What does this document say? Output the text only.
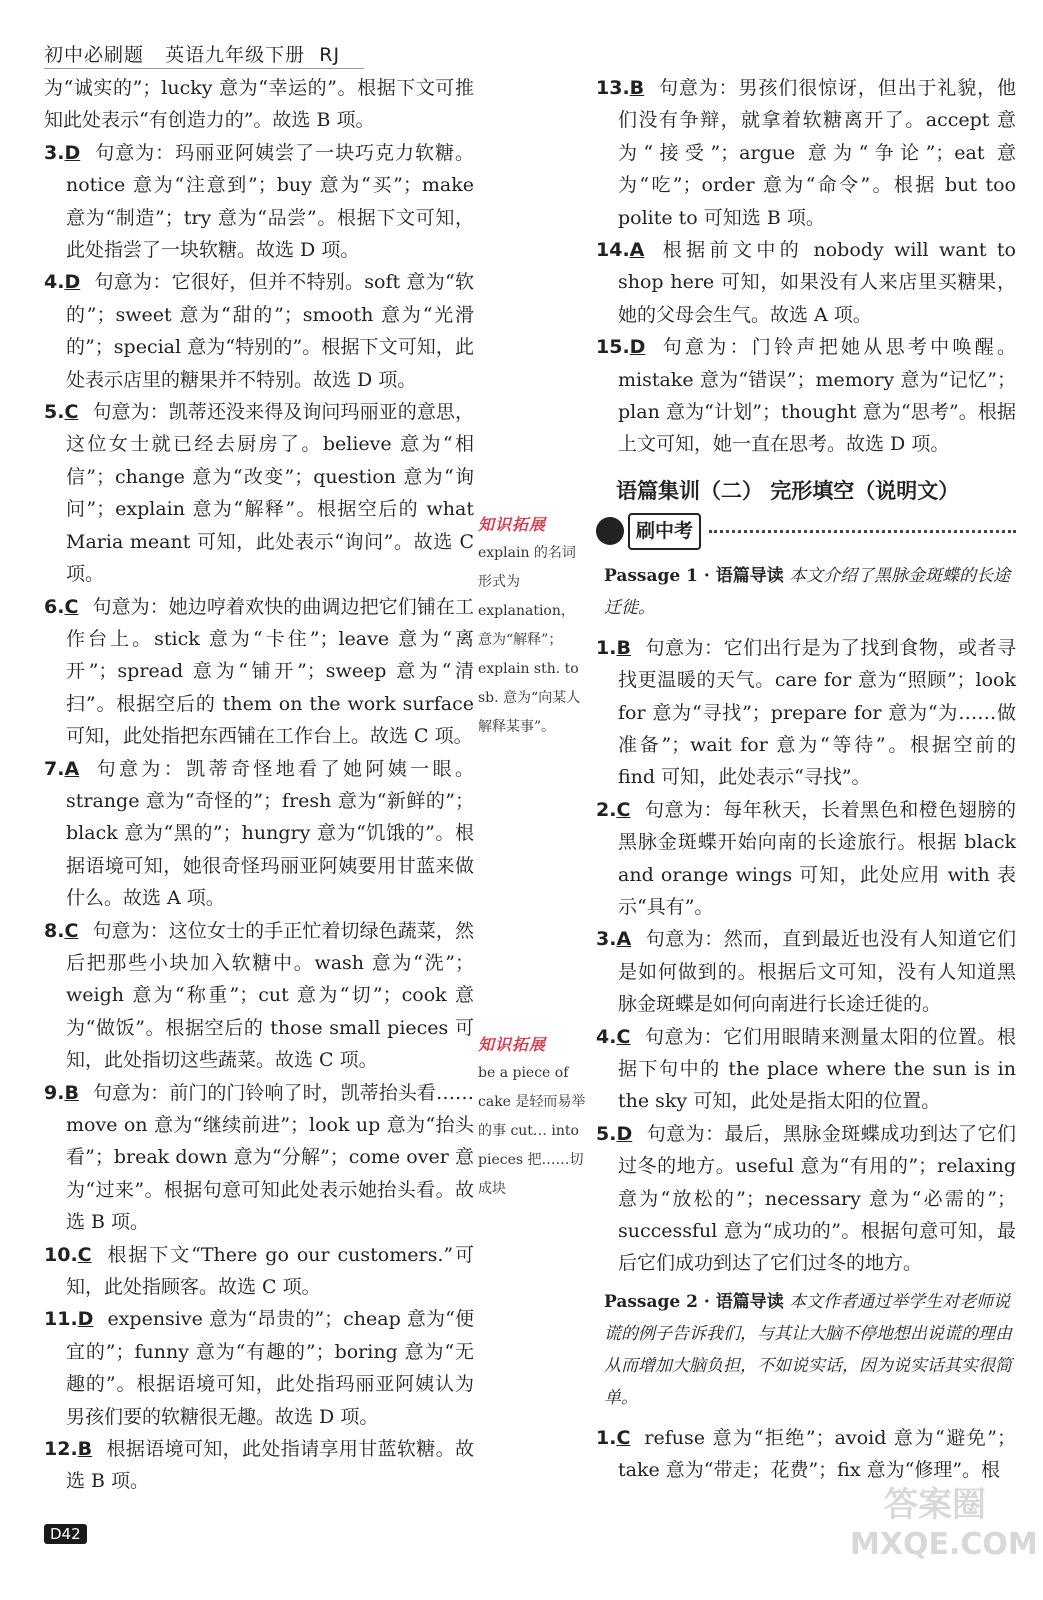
初中必刷题 英语九年级下册 RJ

为“诚实的”；lucky 意为“幸运的”。根据下文可推知此处表示“有创造力的”。故选 B 项。

3.D 句意为：玛丽亚阿姨尝了一块巧克力软糖。notice 意为“注意到”；buy 意为“买”；make 意为“制造”；try 意为“品尝”。根据下文可知，此处指尝了一块软糖。故选 D 项。

4.D 句意为：它很好，但并不特别。soft 意为“软的”；sweet 意为“甜的”；smooth 意为“光滑的”；special 意为“特别的”。根据下文可知，此处表示店里的糖果并不特别。故选 D 项。

5.C 句意为：凯蒂还没来得及询问玛丽亚的意思，这位女士就已经去厨房了。believe 意为“相信”；change 意为“改变”；question 意为“询问”；explain 意为“解释”。根据空后的 what Maria meant 可知，此处表示“询问”。故选 C 项。

6.C 句意为：她边哼着欢快的曲调边把它们铺在工作台上。stick 意为“卡住”；leave 意为“离开”；spread 意为“铺开”；sweep 意为“清扫”。根据空后的 them on the work surface 可知，此处指把东西铺在工作台上。故选 C 项。

7.A 句意为：凯蒂奇怪地看了她阿姨一眼。strange 意为“奇怪的”；fresh 意为“新鲜的”；black 意为“黑的”；hungry 意为“饥饿的”。根据语境可知，她很奇怪玛丽亚阿姨要用甘蓝来做什么。故选 A 项。

8.C 句意为：这位女士的手正忙着切绿色蔬菜，然后把那些小块加入软糖中。wash 意为“洗”；weigh 意为“称重”；cut 意为“切”；cook 意为“做饭”。根据空后的 those small pieces 可知，此处指切这些蔬菜。故选 C 项。

9.B 句意为：前门的门铃响了时，凯蒂抬头看…… move on 意为“继续前进”；look up 意为“抬头看”；break down 意为“分解”；come over 意为“过来”。根据句意可知此处表示她抬头看。故选 B 项。

10.C 根据下文“There go our customers.”可知，此处指顾客。故选 C 项。

11.D expensive 意为“昂贵的”；cheap 意为“便宜的”；funny 意为“有趣的”；boring 意为“无趣的”。根据语境可知，此处指玛丽亚阿姨认为男孩们要的软糖很无趣。故选 D 项。

12.B 根据语境可知，此处指请享用甘蓝软糖。故选 B 项。

知识拓展
explain 的名词形式为 explanation，意为“解释”；explain sth. to sb. 意为“向某人解释某事”。
知识拓展
be a piece of cake 是轻而易举的事 cut… into pieces 把……切成块

13.B 句意为：男孩们很惊讶，但出于礼貌，他们没有争辩，就拿着软糖离开了。accept 意为“接受”；argue 意为“争论”；eat 意为“吃”；order 意为“命令”。根据 but too polite to 可知选 B 项。

14.A 根据前文中的 nobody will want to shop here 可知，如果没有人来店里买糖果，她的父母会生气。故选 A 项。

15.D 句意为：门铃声把她从思考中唤醒。mistake 意为“错误”；memory 意为“记忆”；plan 意为“计划”；thought 意为“思考”。根据上文可知，她一直在思考。故选 D 项。

语篇集训（二） 完形填空（说明文）
刷中考
Passage 1 · 语篇导读 本文介绍了黑脉金斑蝶的长途迁徙。

1.B 句意为：它们出行是为了找到食物，或者寻找更温暖的天气。care for 意为“照顾”；look for 意为“寻找”；prepare for 意为“为……做准备”；wait for 意为“等待”。根据空前的 find 可知，此处表示“寻找”。

2.C 句意为：每年秋天，长着黑色和橙色翅膀的黑脉金斑蝶开始向南的长途旅行。根据 black and orange wings 可知，此处应用 with 表示“具有”。

3.A 句意为：然而，直到最近也没有人知道它们是如何做到的。根据后文可知，没有人知道黑脉金斑蝶是如何向南进行长途迁徙的。

4.C 句意为：它们用眼睛来测量太阳的位置。根据下句中的 the place where the sun is in the sky 可知，此处是指太阳的位置。

5.D 句意为：最后，黑脉金斑蝶成功到达了它们过冬的地方。useful 意为“有用的”；relaxing 意为“放松的”；necessary 意为“必需的”；successful 意为“成功的”。根据句意可知，最后它们成功到达了它们过冬的地方。

Passage 2 · 语篇导读 本文作者通过举学生对老师说谎的例子告诉我们，与其让大脑不停地想出说谎的理由从而增加大脑负担，不如说实话，因为说实话其实很简单。

1.C refuse 意为“拒绝”；avoid 意为“避免”；take 意为“带走；花费”；fix 意为“修理”。根

D42
答案圈
MXQE.COM
